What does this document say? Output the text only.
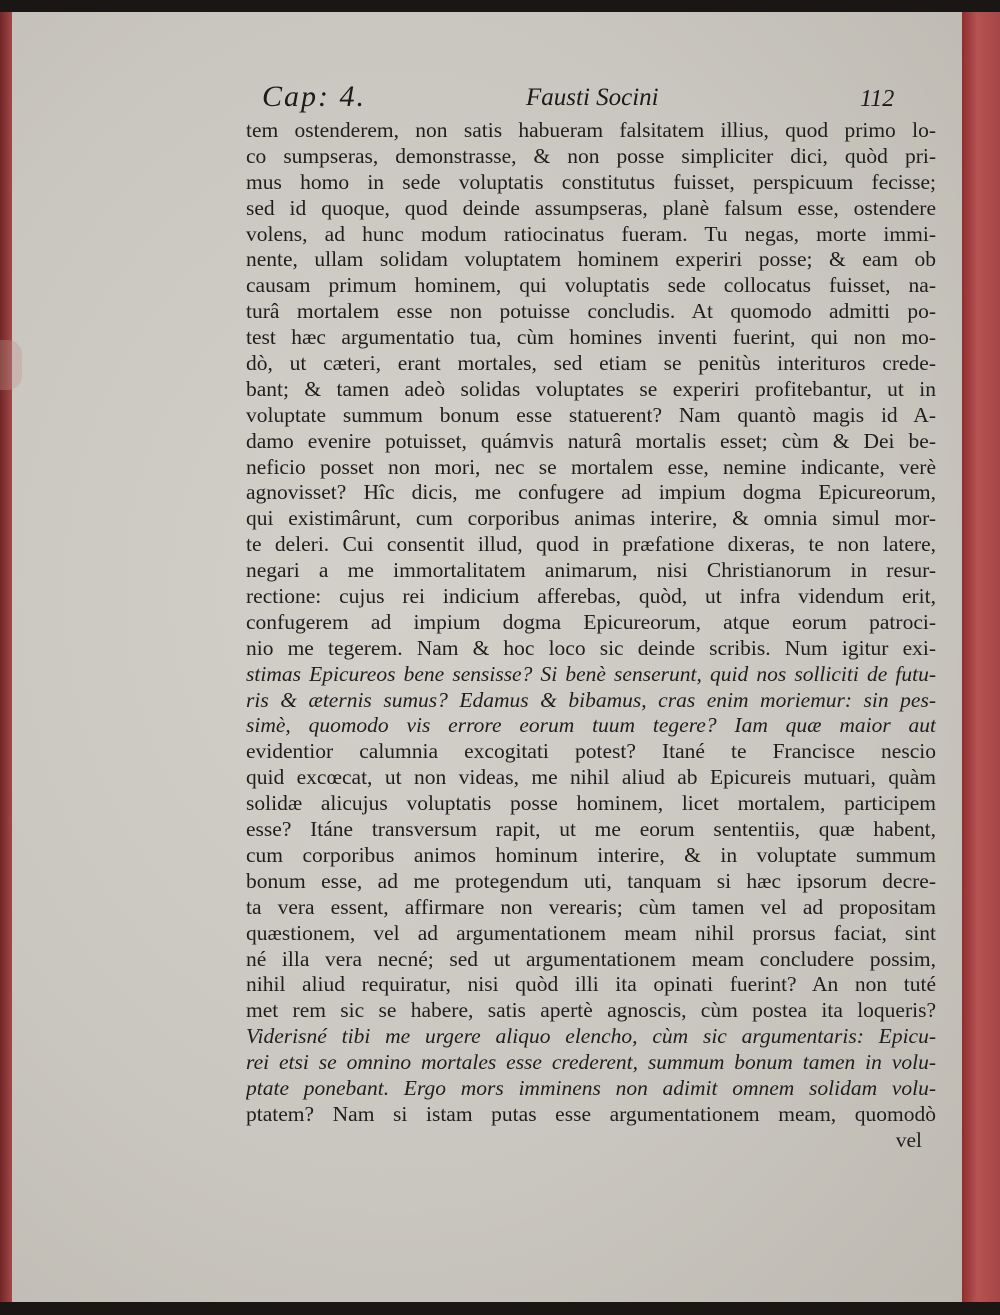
Cap: 4.	Fausti Socini	112
tem ostenderem, non satis habueram falsitatem illius, quod primo lo-
co sumpseras, demonstrasse, & non posse simpliciter dici, quòd pri-
mus homo in sede voluptatis constitutus fuisset, perspicuum fecisse;
sed id quoque, quod deinde assumpseras, planè falsum esse, ostendere
volens, ad hunc modum ratiocinatus fueram. Tu negas, morte immi-
nente, ullam solidam voluptatem hominem experiri posse; & eam ob
causam primum hominem, qui voluptatis sede collocatus fuisset, na-
turâ mortalem esse non potuisse concludis. At quomodo admitti po-
test hæc argumentatio tua, cùm homines inventi fuerint, qui non mo-
dò, ut cæteri, erant mortales, sed etiam se penitùs interituros crede-
bant; & tamen adeò solidas voluptates se experiri profitebantur, ut in
voluptate summum bonum esse statuerent? Nam quantò magis id A-
damo evenire potuisset, quámvis naturâ mortalis esset; cùm & Dei be-
neficio posset non mori, nec se mortalem esse, nemine indicante, verè
agnovisset? Hîc dicis, me confugere ad impium dogma Epicureorum,
qui existimârunt, cum corporibus animas interire, & omnia simul mor-
te deleri. Cui consentit illud, quod in præfatione dixeras, te non latere,
negari a me immortalitatem animarum, nisi Christianorum in resur-
rectione: cujus rei indicium afferebas, quòd, ut infra videndum erit,
confugerem ad impium dogma Epicureorum, atque eorum patroci-
nio me tegerem. Nam & hoc loco sic deinde scribis. Num igitur exi-
stimas Epicureos bene sensisse? Si benè senserunt, quid nos solliciti de futu-
ris & æternis sumus? Edamus & bibamus, cras enim moriemur: sin pes-
simè, quomodo vis errore eorum tuum tegere? Iam quæ maior aut
evidentior calumnia excogitati potest? Itané te Francisce nescio
quid excœcat, ut non videas, me nihil aliud ab Epicureis mutuari, quàm
solidæ alicujus voluptatis posse hominem, licet mortalem, participem
esse? Itáne transversum rapit, ut me eorum sententiis, quæ habent,
cum corporibus animos hominum interire, & in voluptate summum
bonum esse, ad me protegendum uti, tanquam si hæc ipsorum decre-
ta vera essent, affirmare non verearis; cùm tamen vel ad propositam
quæstionem, vel ad argumentationem meam nihil prorsus faciat, sint
né illa vera necné; sed ut argumentationem meam concludere possim,
nihil aliud requiratur, nisi quòd illi ita opinati fuerint? An non tuté
met rem sic se habere, satis apertè agnoscis, cùm postea ita loqueris?
Viderisné tibi me urgere aliquo elencho, cùm sic argumentaris: Epicu-
rei etsi se omnino mortales esse crederent, summum bonum tamen in volu-
ptate ponebant. Ergo mors imminens non adimit omnem solidam volu-
ptatem? Nam si istam putas esse argumentationem meam, quomodò
vel
